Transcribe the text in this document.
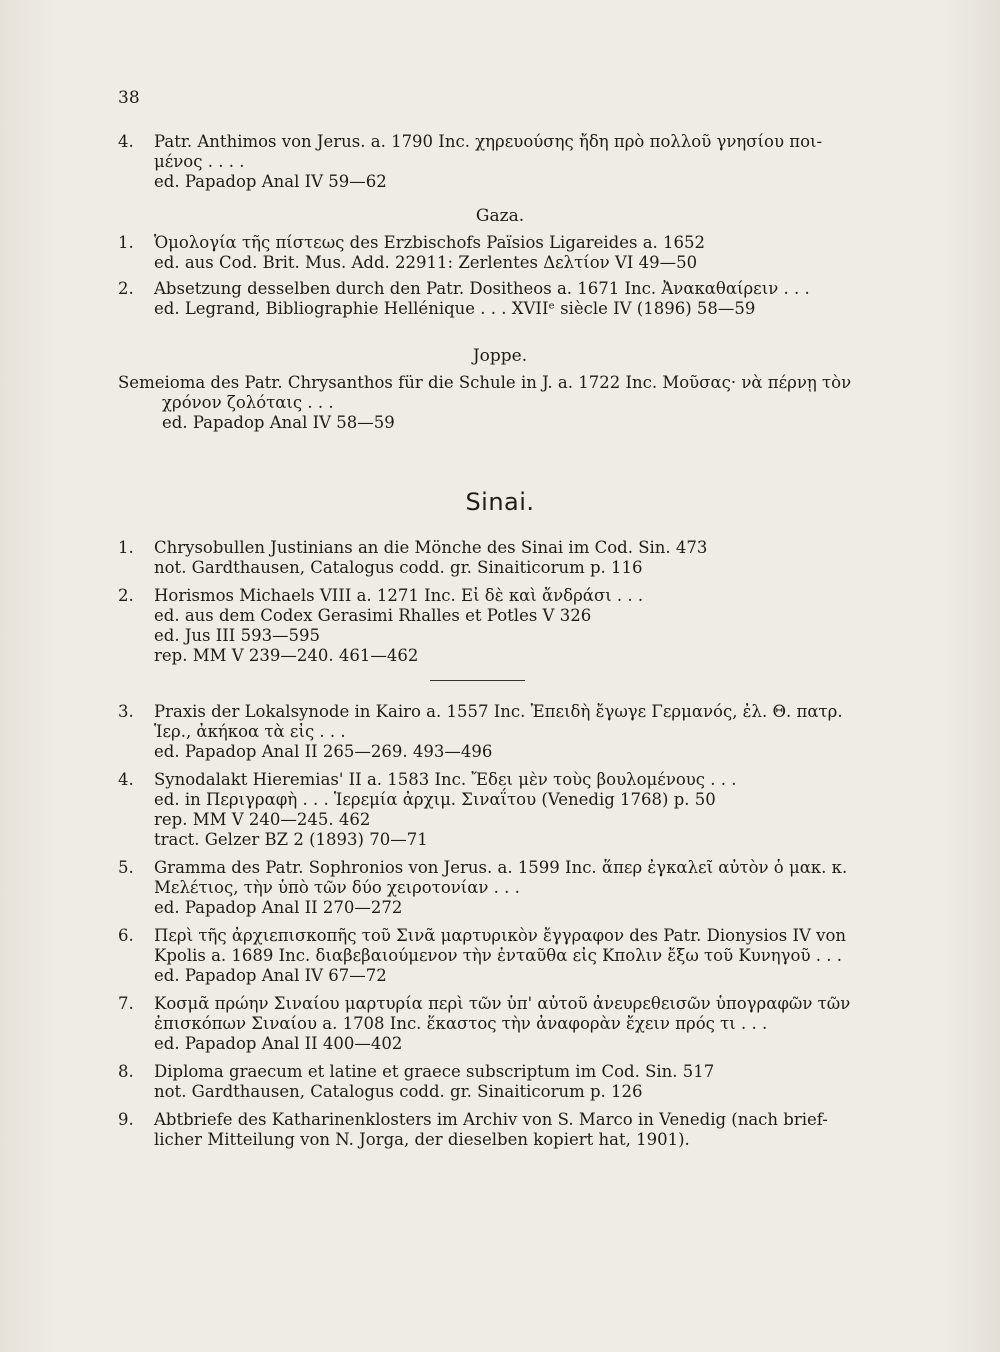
38
4.	Patr. Anthimos von Jerus. a. 1790 Inc. χηρευούσης ἤδη πρὸ πολλοῦ γνησίου ποι-
μένος . . . .
ed. Papadop Anal IV 59—62
Gaza.
1.	Ὁμολογία τῆς πίστεως des Erzbischofs Païsios Ligareides a. 1652
ed. aus Cod. Brit. Mus. Add. 22911: Zerlentes Δελτίον VI 49—50
2.	Absetzung desselben durch den Patr. Dositheos a. 1671 Inc. Ἀνακαθαίρειν . . .
ed. Legrand, Bibliographie Hellénique . . . XVIIᵉ siècle IV (1896) 58—59
Joppe.
Semeioma des Patr. Chrysanthos für die Schule in J. a. 1722 Inc. Μοῦσας· νὰ πέρνῃ τὸν
χρόνον ζολόταις . . .
ed. Papadop Anal IV 58—59
Sinai.
1.	Chrysobullen Justinians an die Mönche des Sinai im Cod. Sin. 473
not. Gardthausen, Catalogus codd. gr. Sinaiticorum p. 116
2.	Horismos Michaels VIII a. 1271 Inc. Εἰ δὲ καὶ ἄνδράσι . . .
ed. aus dem Codex Gerasimi Rhalles et Potles V 326
ed. Jus III 593—595
rep. MM V 239—240. 461—462
3.	Praxis der Lokalsynode in Kairo a. 1557 Inc. Ἐπειδὴ ἔγωγε Γερμανός, ἐλ. Θ. πατρ.
Ἱερ., ἀκήκοα τὰ εἰς . . .
ed. Papadop Anal II 265—269. 493—496
4.	Synodalakt Hieremias' II a. 1583 Inc. Ἔδει μὲν τοὺς βουλομένους . . .
ed. in Περιγραφὴ . . . Ἱερεμία ἀρχιμ. Σιναΐτου (Venedig 1768) p. 50
rep. MM V 240—245. 462
tract. Gelzer BZ 2 (1893) 70—71
5.	Gramma des Patr. Sophronios von Jerus. a. 1599 Inc. ἅπερ ἐγκαλεῖ αὐτὸν ὁ μακ. κ.
Μελέτιος, τὴν ὑπὸ τῶν δύο χειροτονίαν . . .
ed. Papadop Anal II 270—272
6.	Περὶ τῆς ἀρχιεπισκοπῆς τοῦ Σινᾶ μαρτυρικὸν ἔγγραφον des Patr. Dionysios IV von
Kpolis a. 1689 Inc. διαβεβαιούμενον τὴν ἐνταῦθα εἰς Κπολιν ἔξω τοῦ Κυνηγοῦ . . .
ed. Papadop Anal IV 67—72
7.	Κοσμᾶ πρώην Σιναίου μαρτυρία περὶ τῶν ὑπ' αὐτοῦ ἀνευρεθεισῶν ὑπογραφῶν τῶν
ἐπισκόπων Σιναίου a. 1708 Inc. ἕκαστος τὴν ἀναφορὰν ἔχειν πρός τι . . .
ed. Papadop Anal II 400—402
8.	Diploma graecum et latine et graece subscriptum im Cod. Sin. 517
not. Gardthausen, Catalogus codd. gr. Sinaiticorum p. 126
9.	Abtbriefe des Katharinenklosters im Archiv von S. Marco in Venedig (nach brief-
licher Mitteilung von N. Jorga, der dieselben kopiert hat, 1901).
